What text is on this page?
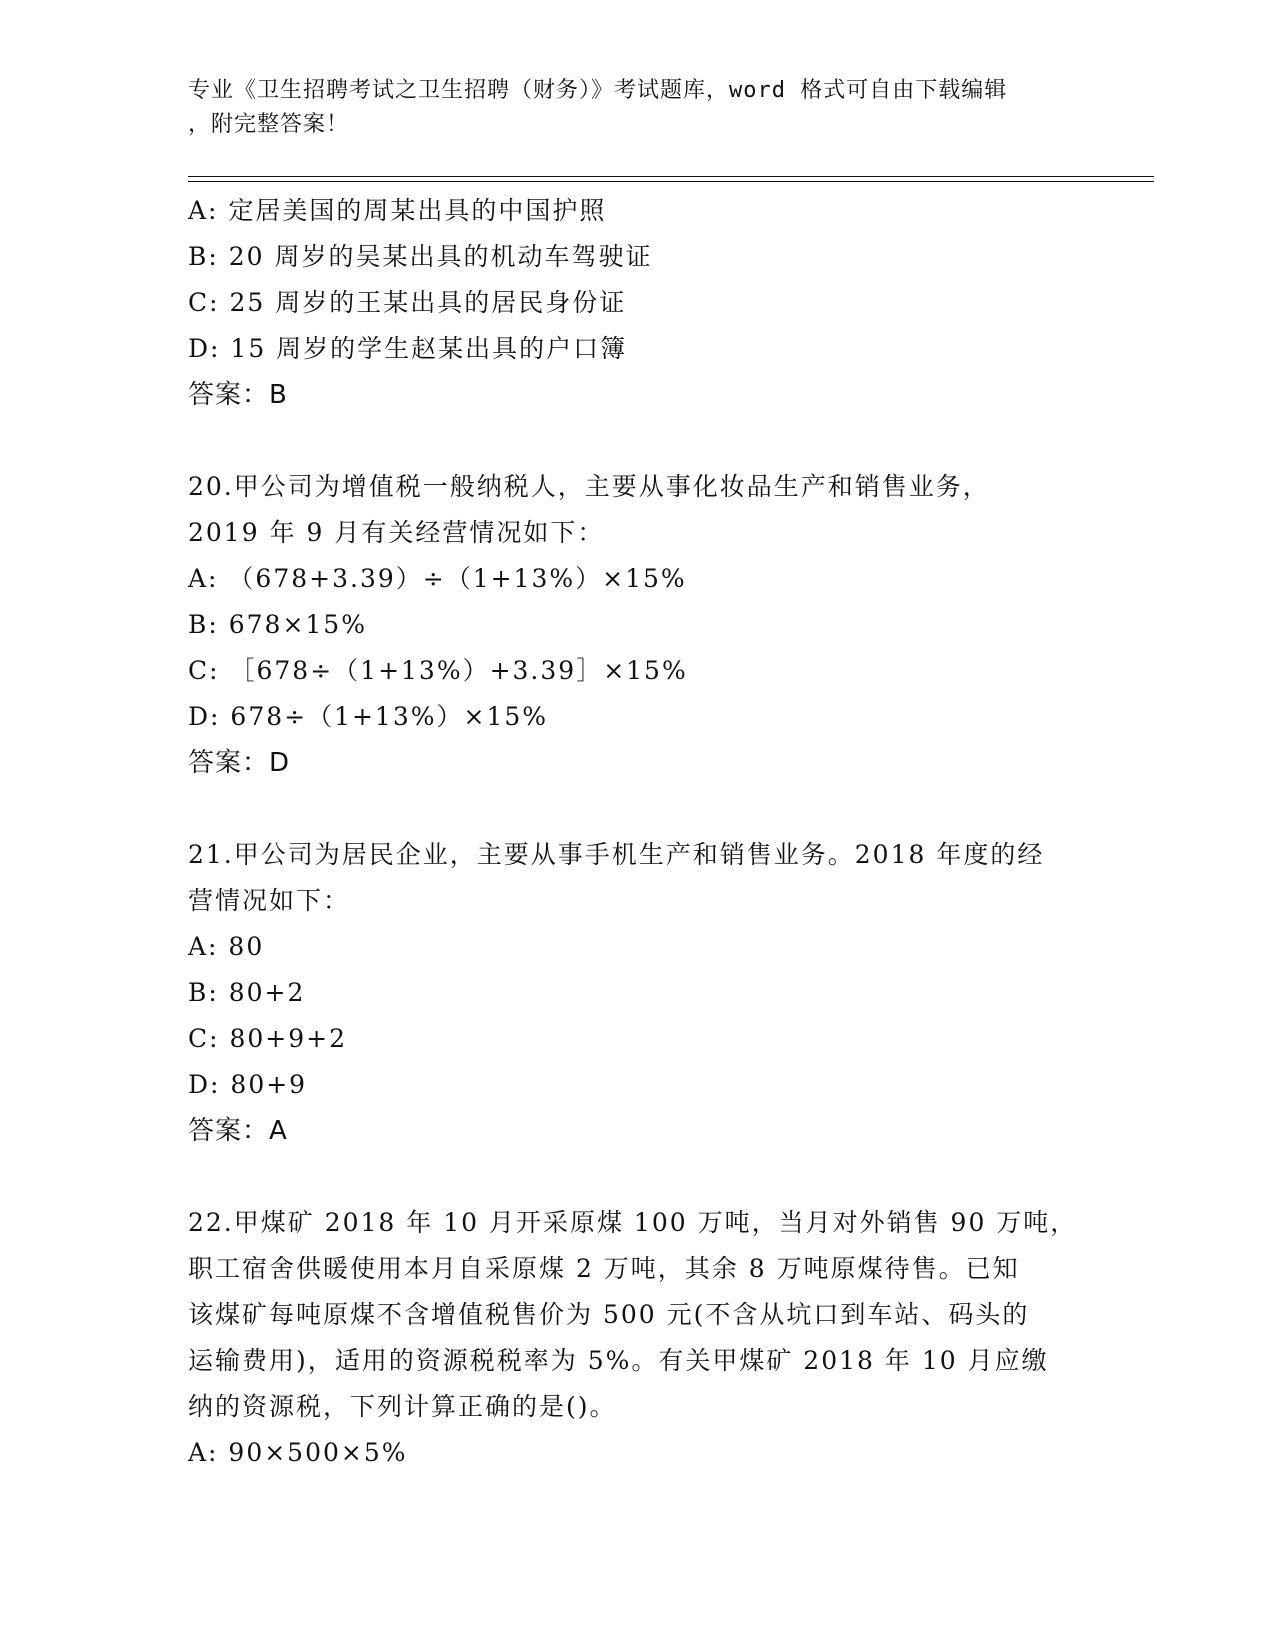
专业《卫生招聘考试之卫生招聘（财务）》考试题库，word 格式可自由下载编辑
，附完整答案！
A: 定居美国的周某出具的中国护照
B: 20 周岁的吴某出具的机动车驾驶证
C: 25 周岁的王某出具的居民身份证
D: 15 周岁的学生赵某出具的户口簿
答案：B
20.甲公司为增值税一般纳税人，主要从事化妆品生产和销售业务，
2019 年 9 月有关经营情况如下：
A: （678+3.39）÷（1+13%）×15%
B: 678×15%
C: ［678÷（1+13%）+3.39］×15%
D: 678÷（1+13%）×15%
答案：D
21.甲公司为居民企业，主要从事手机生产和销售业务。2018 年度的经
营情况如下：
A: 80
B: 80+2
C: 80+9+2
D: 80+9
答案：A
22.甲煤矿 2018 年 10 月开采原煤 100 万吨，当月对外销售 90 万吨，
职工宿舍供暖使用本月自采原煤 2 万吨，其余 8 万吨原煤待售。已知
该煤矿每吨原煤不含增值税售价为 500 元(不含从坑口到车站、码头的
运输费用)，适用的资源税税率为 5%。有关甲煤矿 2018 年 10 月应缴
纳的资源税，下列计算正确的是()。
A: 90×500×5%
